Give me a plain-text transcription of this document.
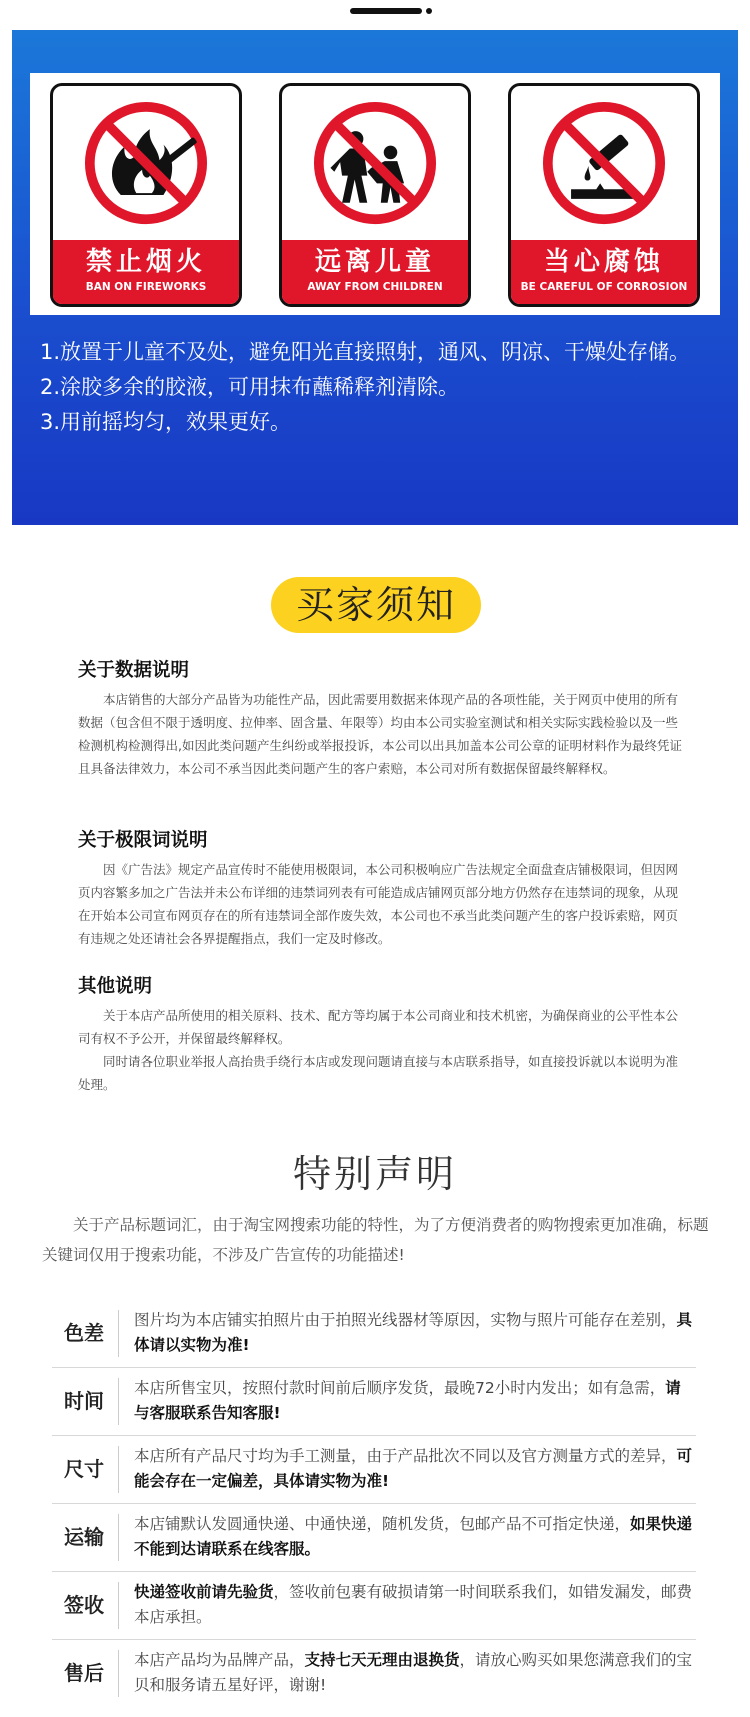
禁止烟火
BAN ON FIREWORKS
远离儿童
AWAY FROM CHILDREN
当心腐蚀
BE CAREFUL OF CORROSION

1.放置于儿童不及处，避免阳光直接照射，通风、阴凉、干燥处存储。

2.涂胶多余的胶液，可用抹布蘸稀释剂清除。

3.用前摇均匀，效果更好。

买家须知
关于数据说明

本店销售的大部分产品皆为功能性产品，因此需要用数据来体现产品的各项性能，关于网页中使用的所有数据（包含但不限于透明度、拉伸率、固含量、年限等）均由本公司实验室测试和相关实际实践检验以及一些检测机构检测得出,如因此类问题产生纠纷或举报投诉，本公司以出具加盖本公司公章的证明材料作为最终凭证且具备法律效力，本公司不承当因此类问题产生的客户索赔，本公司对所有数据保留最终解释权。

关于极限词说明

因《广告法》规定产品宣传时不能使用极限词，本公司积极响应广告法规定全面盘查店铺极限词，但因网页内容繁多加之广告法并未公布详细的违禁词列表有可能造成店铺网页部分地方仍然存在违禁词的现象，从现在开始本公司宣布网页存在的所有违禁词全部作废失效，本公司也不承当此类问题产生的客户投诉索赔，网页有违规之处还请社会各界提醒指点，我们一定及时修改。

其他说明

关于本店产品所使用的相关原料、技术、配方等均属于本公司商业和技术机密，为确保商业的公平性本公司有权不予公开，并保留最终解释权。

同时请各位职业举报人高抬贵手绕行本店或发现问题请直接与本店联系指导，如直接投诉就以本说明为准处理。

特别声明
关于产品标题词汇，由于淘宝网搜索功能的特性，为了方便消费者的购物搜索更加准确，标题关键词仅用于搜索功能，不涉及广告宣传的功能描述!
色差
图片均为本店铺实拍照片由于拍照光线器材等原因，实物与照片可能存在差别，具体请以实物为准!
时间
本店所售宝贝，按照付款时间前后顺序发货，最晚72小时内发出；如有急需，请与客服联系告知客服!
尺寸
本店所有产品尺寸均为手工测量，由于产品批次不同以及官方测量方式的差异，可能会存在一定偏差，具体请实物为准!
运输
本店铺默认发圆通快递、中通快递，随机发货，包邮产品不可指定快递，如果快递不能到达请联系在线客服。
签收
快递签收前请先验货，签收前包裹有破损请第一时间联系我们，如错发漏发，邮费本店承担。
售后
本店产品均为品牌产品，支持七天无理由退换货，请放心购买如果您满意我们的宝贝和服务请五星好评，谢谢!
